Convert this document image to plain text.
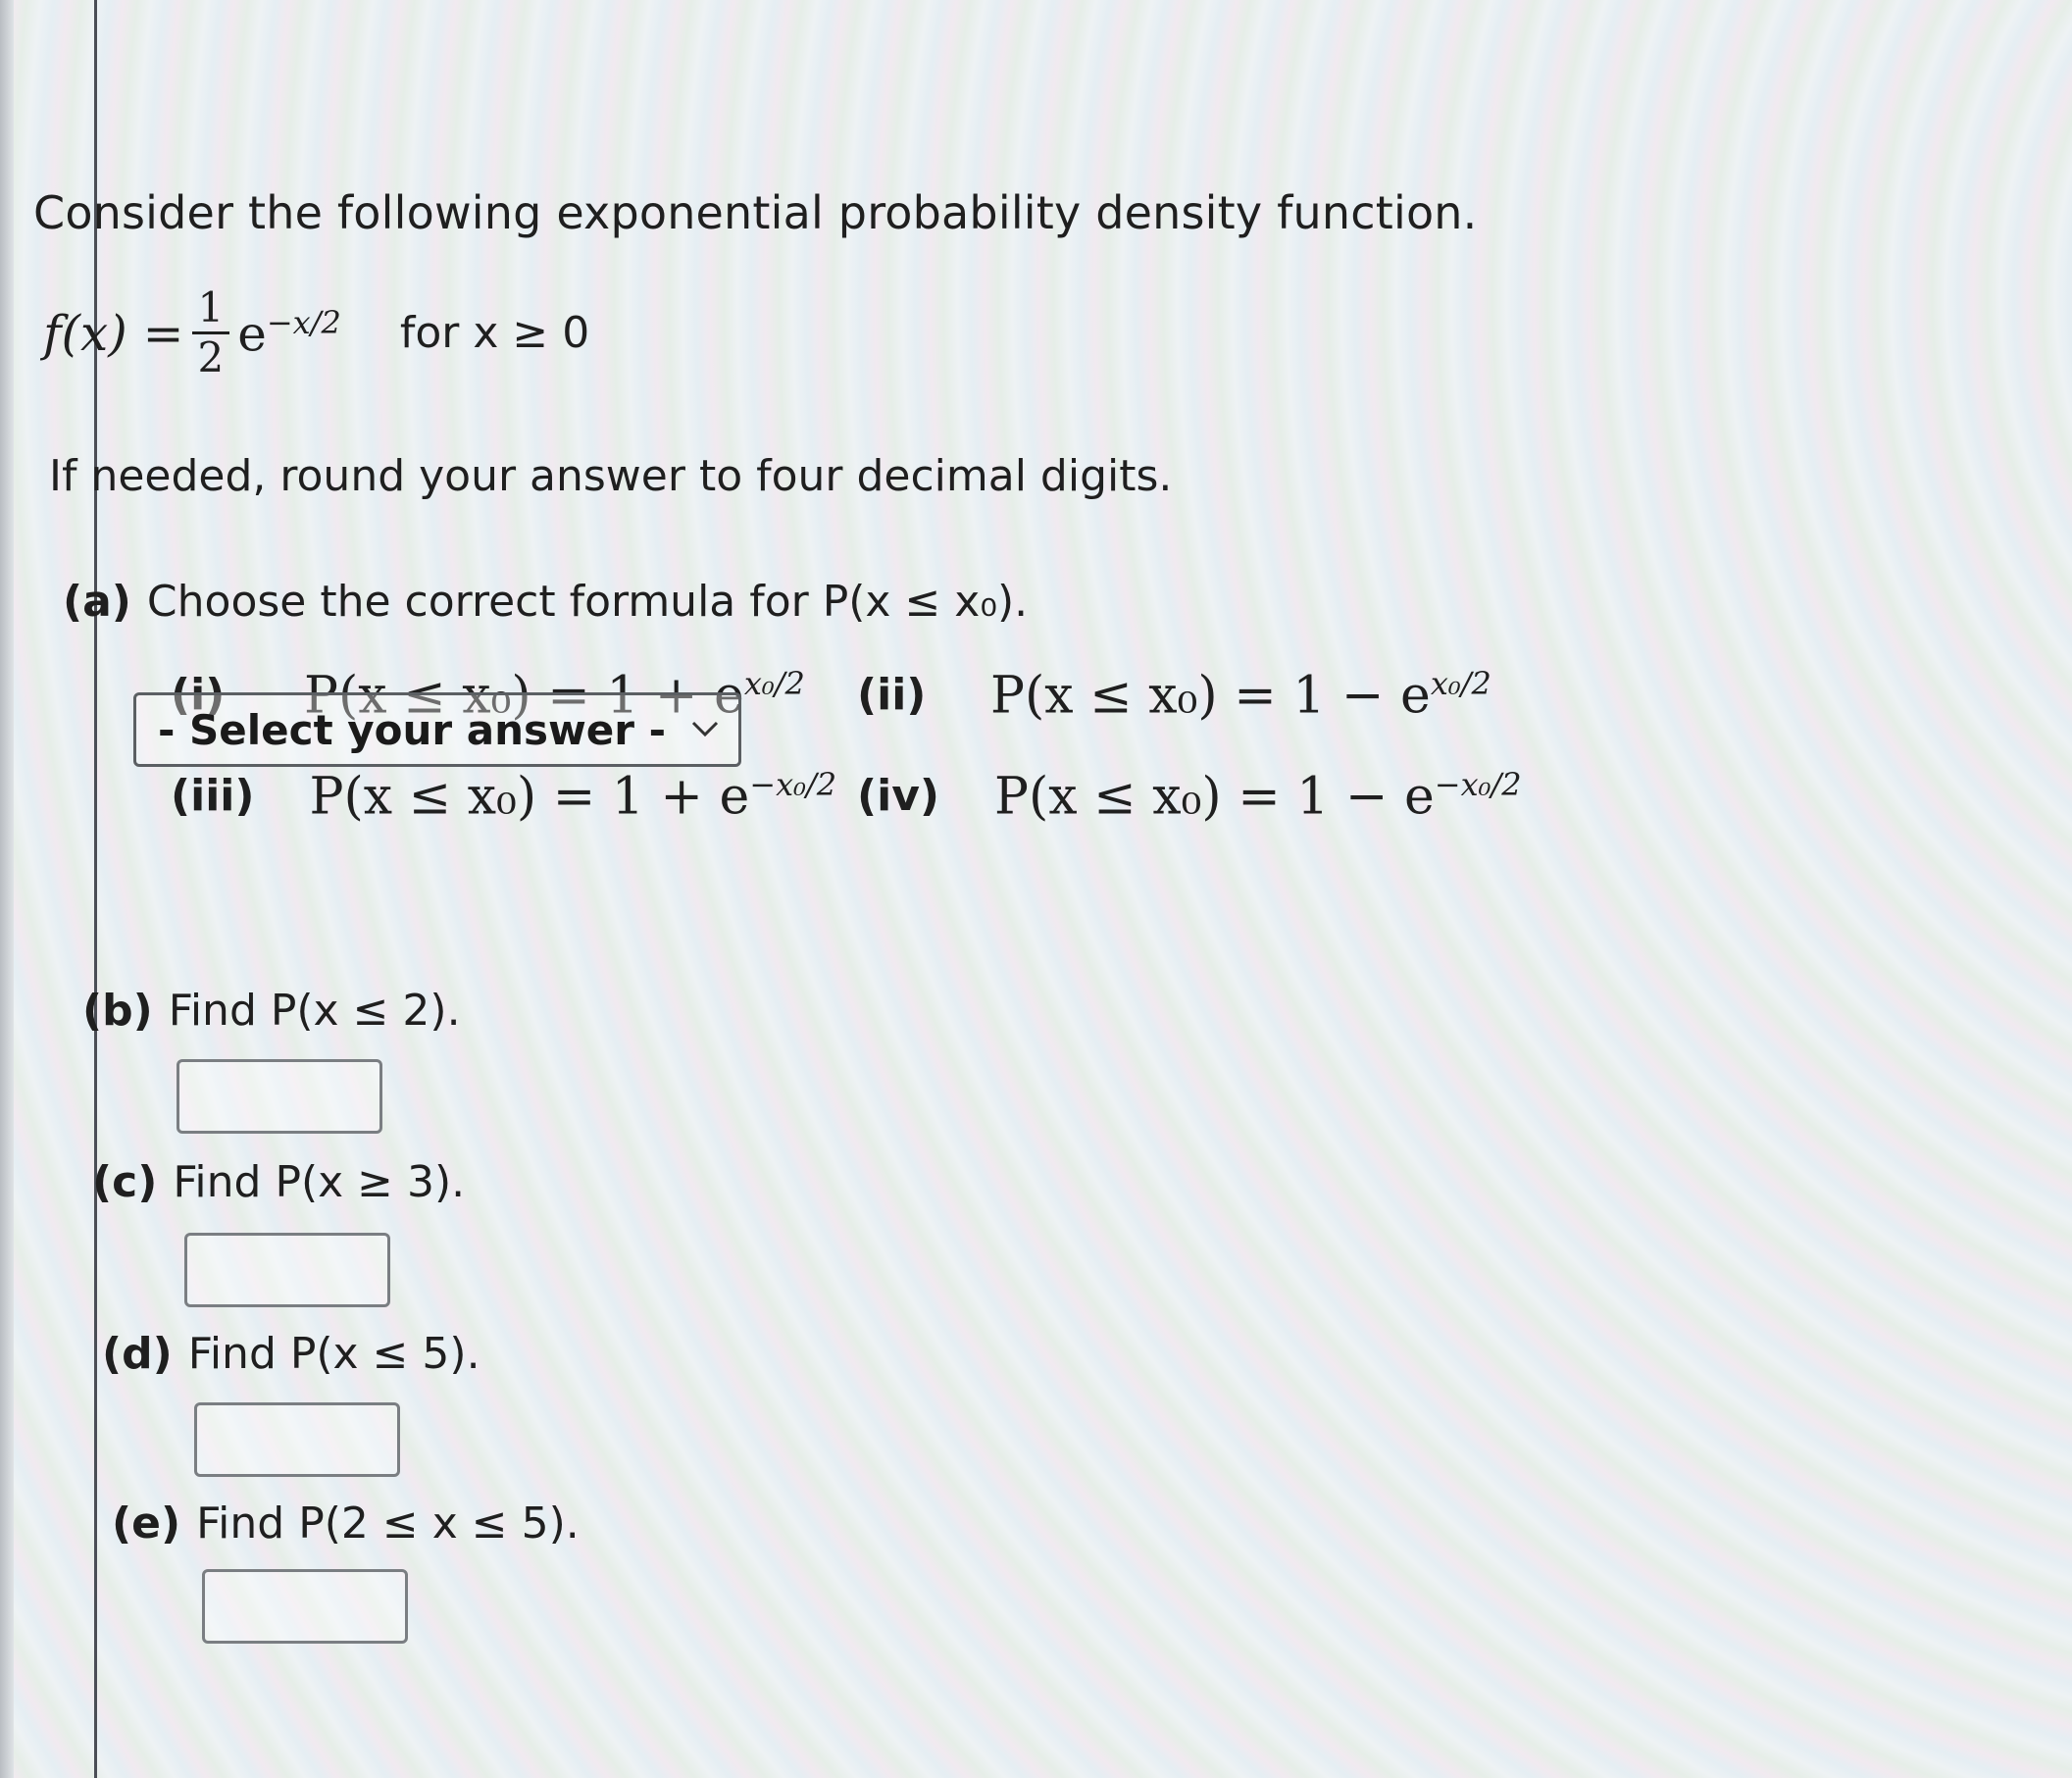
Consider the following exponential probability density function.

$f(x) = \frac{1}{2} e^{-x/2}$ for x ≥ 0
If needed, round your answer to four decimal digits.
(a) Choose the correct formula for P(x ≤ x₀).
(i)	$P(x \le x_0) = 1 + e^{x_0/2}$ (ii) $P(x \le x_0) = 1 - e^{x_0/2}$
(iii) $P(x \le x_0) = 1 + e^{-x_0/2}$ (iv) $P(x \le x_0) = 1 - e^{-x_0/2}$
- Select your answer -
(b) Find P(x ≤ 2).
(c) Find P(x ≥ 3).
(d) Find P(x ≤ 5).
(e) Find P(2 ≤ x ≤ 5).
